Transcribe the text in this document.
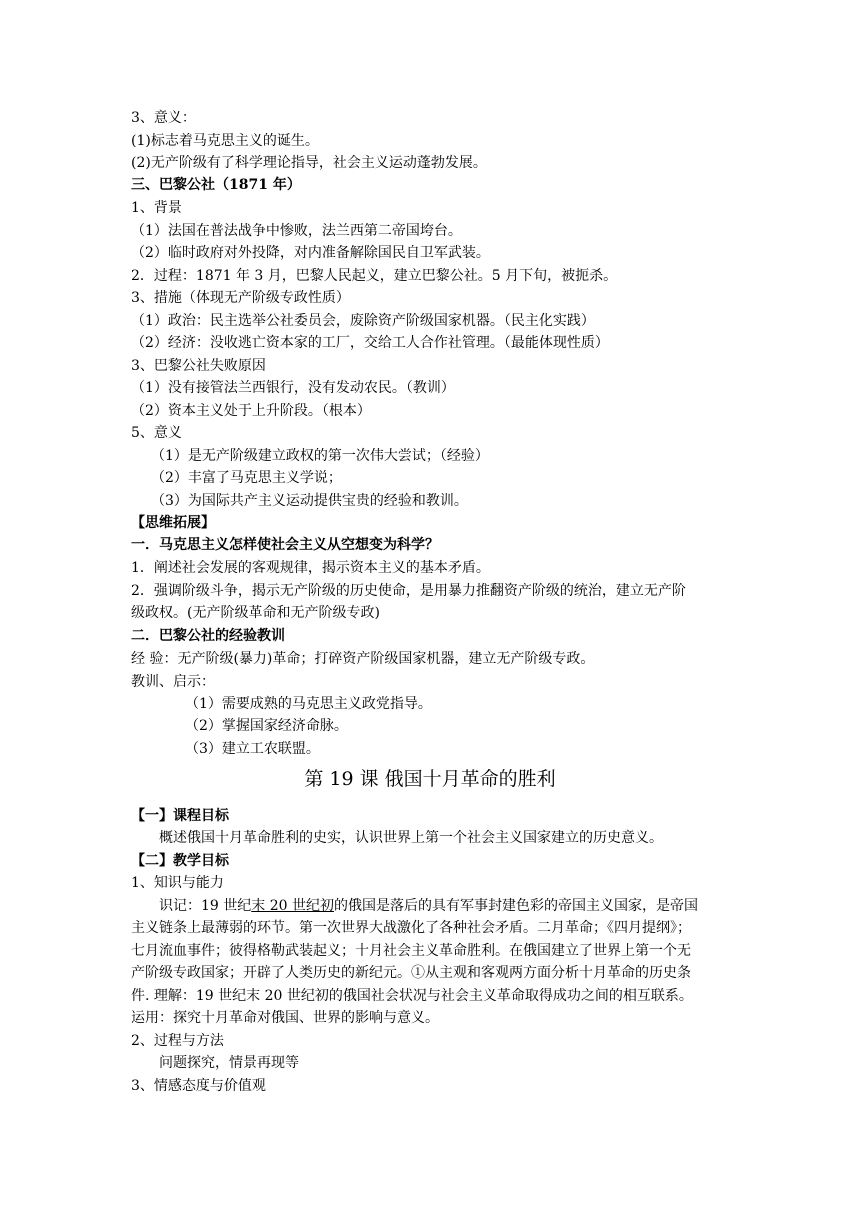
3、意义：
(1)标志着马克思主义的诞生。
(2)无产阶级有了科学理论指导，社会主义运动蓬勃发展。
三、巴黎公社（1871 年）
1、背景
（1）法国在普法战争中惨败，法兰西第二帝国垮台。
（2）临时政府对外投降，对内准备解除国民自卫军武装。
2．过程：1871 年 3 月，巴黎人民起义，建立巴黎公社。5 月下旬，被扼杀。
3、措施（体现无产阶级专政性质）
（1）政治：民主选举公社委员会，废除资产阶级国家机器。（民主化实践）
（2）经济：没收逃亡资本家的工厂，交给工人合作社管理。（最能体现性质）
3、巴黎公社失败原因
（1）没有接管法兰西银行，没有发动农民。（教训）
（2）资本主义处于上升阶段。（根本）
5、意义
（1）是无产阶级建立政权的第一次伟大尝试；（经验）
（2）丰富了马克思主义学说；
（3）为国际共产主义运动提供宝贵的经验和教训。
【思维拓展】
一．马克思主义怎样使社会主义从空想变为科学？
1．阐述社会发展的客观规律，揭示资本主义的基本矛盾。
2．强调阶级斗争，揭示无产阶级的历史使命，是用暴力推翻资产阶级的统治，建立无产阶
级政权。(无产阶级革命和无产阶级专政)
二．巴黎公社的经验教训
经 验：无产阶级(暴力)革命；打碎资产阶级国家机器，建立无产阶级专政。
教训、启示：
（1）需要成熟的马克思主义政党指导。
（2）掌握国家经济命脉。
（3）建立工农联盟。
第 19 课 俄国十月革命的胜利
【一】课程目标
概述俄国十月革命胜利的史实，认识世界上第一个社会主义国家建立的历史意义。
【二】教学目标
1、知识与能力
识记：19 世纪末 20 世纪初的俄国是落后的具有军事封建色彩的帝国主义国家，是帝国
主义链条上最薄弱的环节。第一次世界大战激化了各种社会矛盾。二月革命；《四月提纲》；
七月流血事件；彼得格勒武装起义；十月社会主义革命胜利。在俄国建立了世界上第一个无
产阶级专政国家；开辟了人类历史的新纪元。①从主观和客观两方面分析十月革命的历史条
件. 理解：19 世纪末 20 世纪初的俄国社会状况与社会主义革命取得成功之间的相互联系。
运用：探究十月革命对俄国、世界的影响与意义。
2、过程与方法
问题探究，情景再现等
3、情感态度与价值观
